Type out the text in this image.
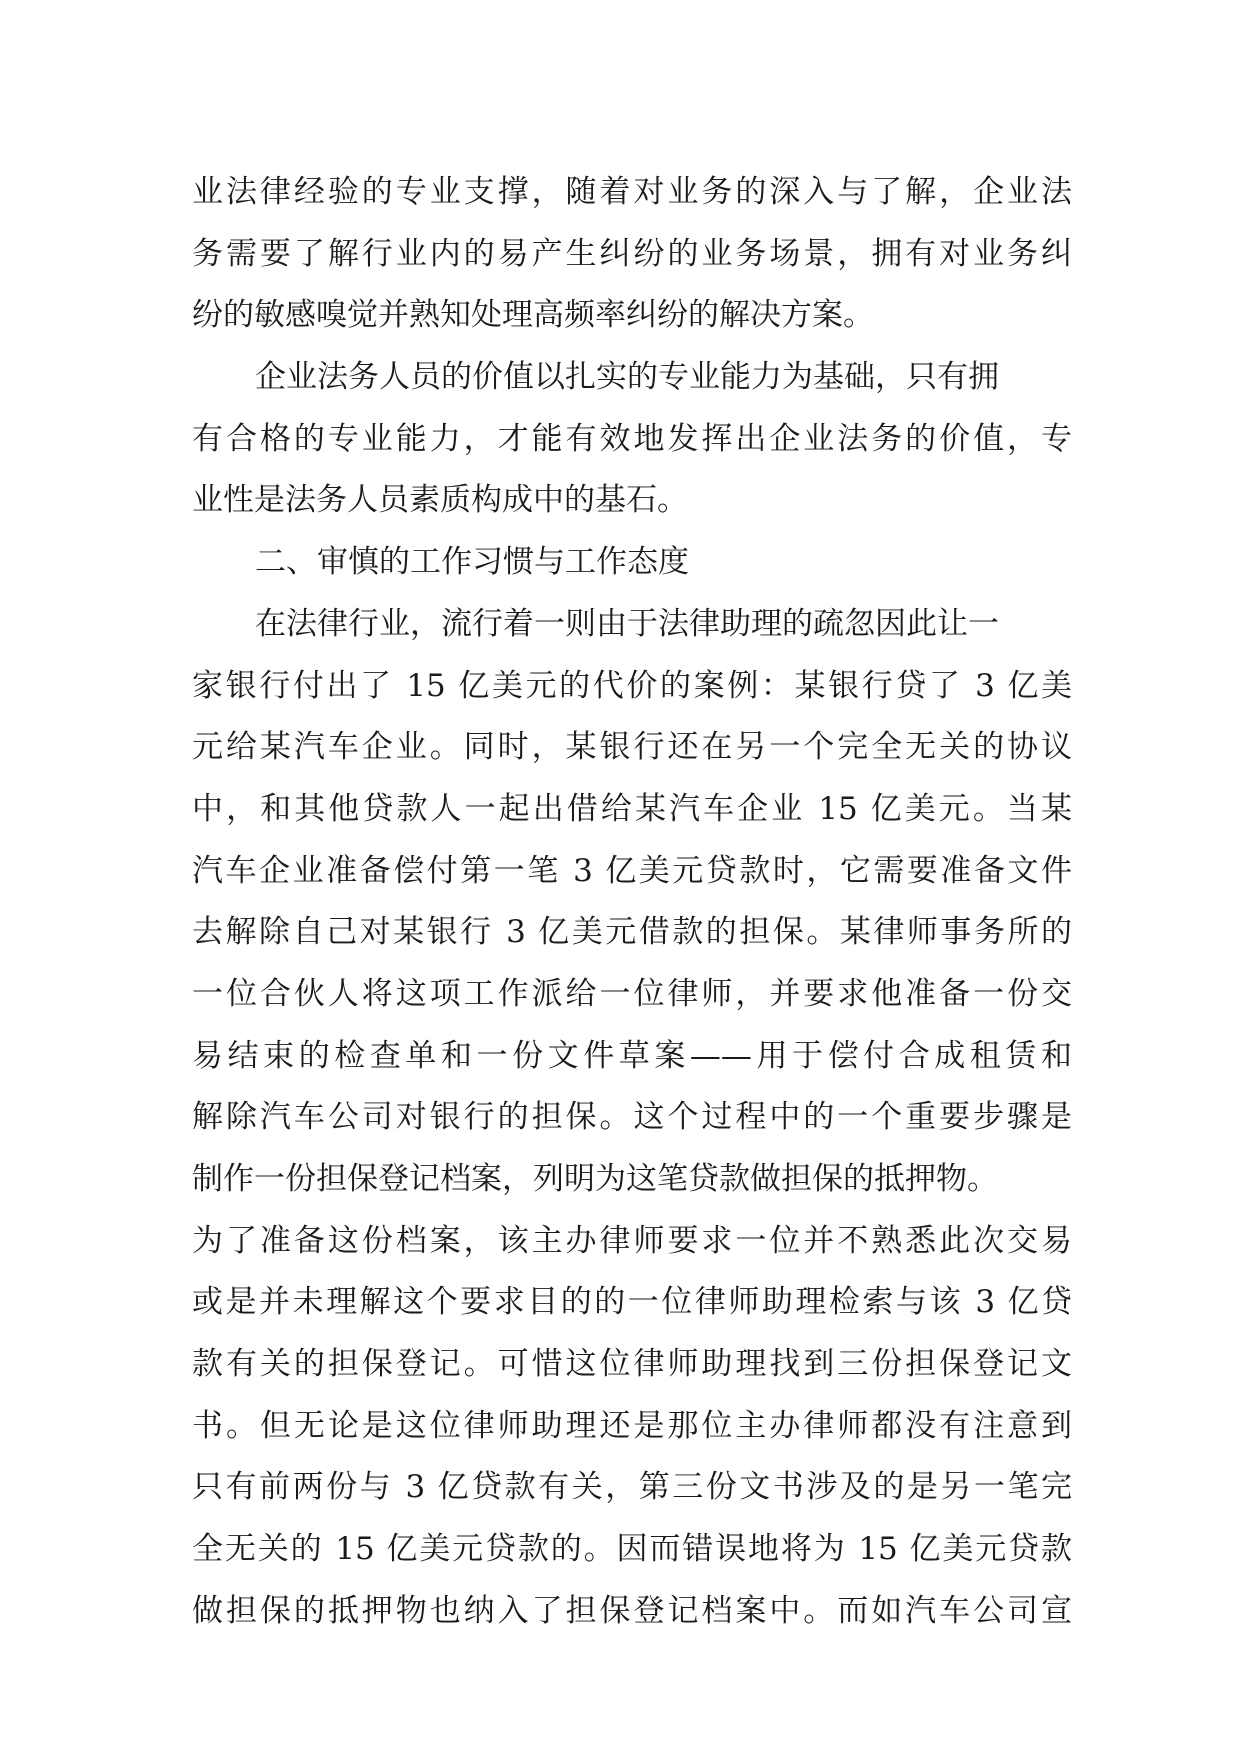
业法律经验的专业支撑，随着对业务的深入与了解，企业法
务需要了解行业内的易产生纠纷的业务场景，拥有对业务纠
纷的敏感嗅觉并熟知处理高频率纠纷的解决方案。
企业法务人员的价值以扎实的专业能力为基础，只有拥
有合格的专业能力，才能有效地发挥出企业法务的价值，专
业性是法务人员素质构成中的基石。
二、审慎的工作习惯与工作态度
在法律行业，流行着一则由于法律助理的疏忽因此让一
家银行付出了 15 亿美元的代价的案例：某银行贷了 3 亿美
元给某汽车企业。同时，某银行还在另一个完全无关的协议
中，和其他贷款人一起出借给某汽车企业 15 亿美元。当某
汽车企业准备偿付第一笔 3 亿美元贷款时，它需要准备文件
去解除自己对某银行 3 亿美元借款的担保。某律师事务所的
一位合伙人将这项工作派给一位律师，并要求他准备一份交
易结束的检查单和一份文件草案——用于偿付合成租赁和
解除汽车公司对银行的担保。这个过程中的一个重要步骤是
制作一份担保登记档案，列明为这笔贷款做担保的抵押物。
为了准备这份档案，该主办律师要求一位并不熟悉此次交易
或是并未理解这个要求目的的一位律师助理检索与该 3 亿贷
款有关的担保登记。可惜这位律师助理找到三份担保登记文
书。但无论是这位律师助理还是那位主办律师都没有注意到
只有前两份与 3 亿贷款有关，第三份文书涉及的是另一笔完
全无关的 15 亿美元贷款的。因而错误地将为 15 亿美元贷款
做担保的抵押物也纳入了担保登记档案中。而如汽车公司宣
